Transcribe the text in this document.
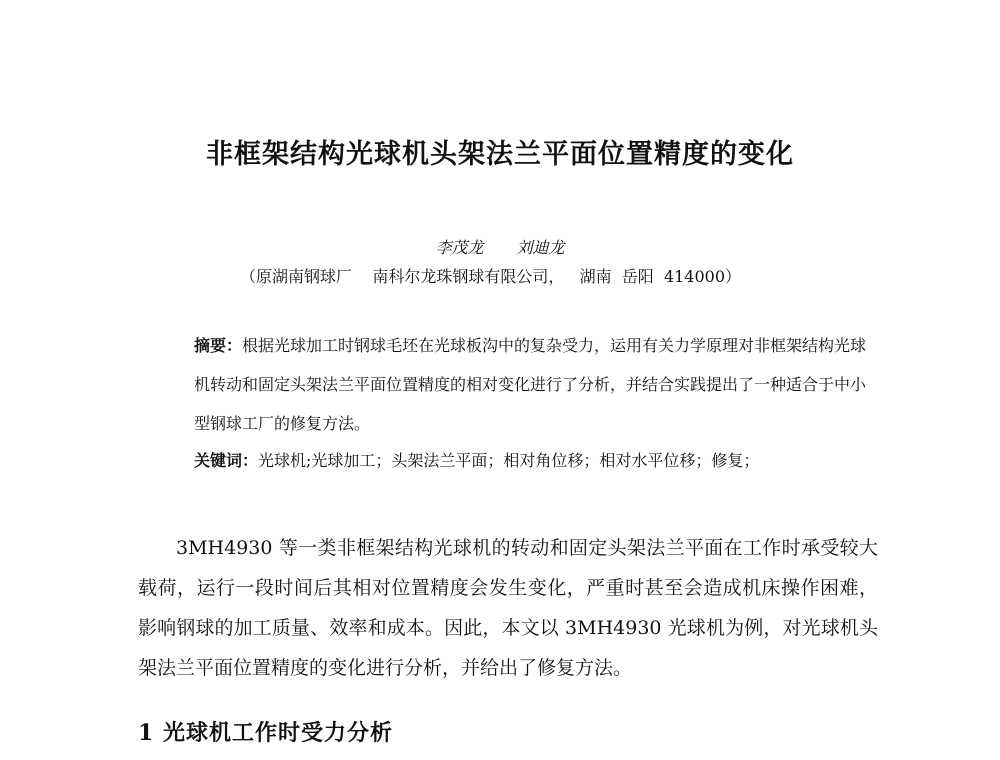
非框架结构光球机头架法兰平面位置精度的变化
李茂龙 刘迪龙
（原湖南钢球厂    南科尔龙珠钢球有限公司，   湖南  岳阳  414000）
摘要：根据光球加工时钢球毛坯在光球板沟中的复杂受力，运用有关力学原理对非框架结构光球机转动和固定头架法兰平面位置精度的相对变化进行了分析，并结合实践提出了一种适合于中小型钢球工厂的修复方法。
关键词：光球机;光球加工；头架法兰平面；相对角位移；相对水平位移；修复；
3MH4930 等一类非框架结构光球机的转动和固定头架法兰平面在工作时承受较大载荷，运行一段时间后其相对位置精度会发生变化，严重时甚至会造成机床操作困难，影响钢球的加工质量、效率和成本。因此，本文以 3MH4930 光球机为例，对光球机头架法兰平面位置精度的变化进行分析，并给出了修复方法。
1 光球机工作时受力分析
